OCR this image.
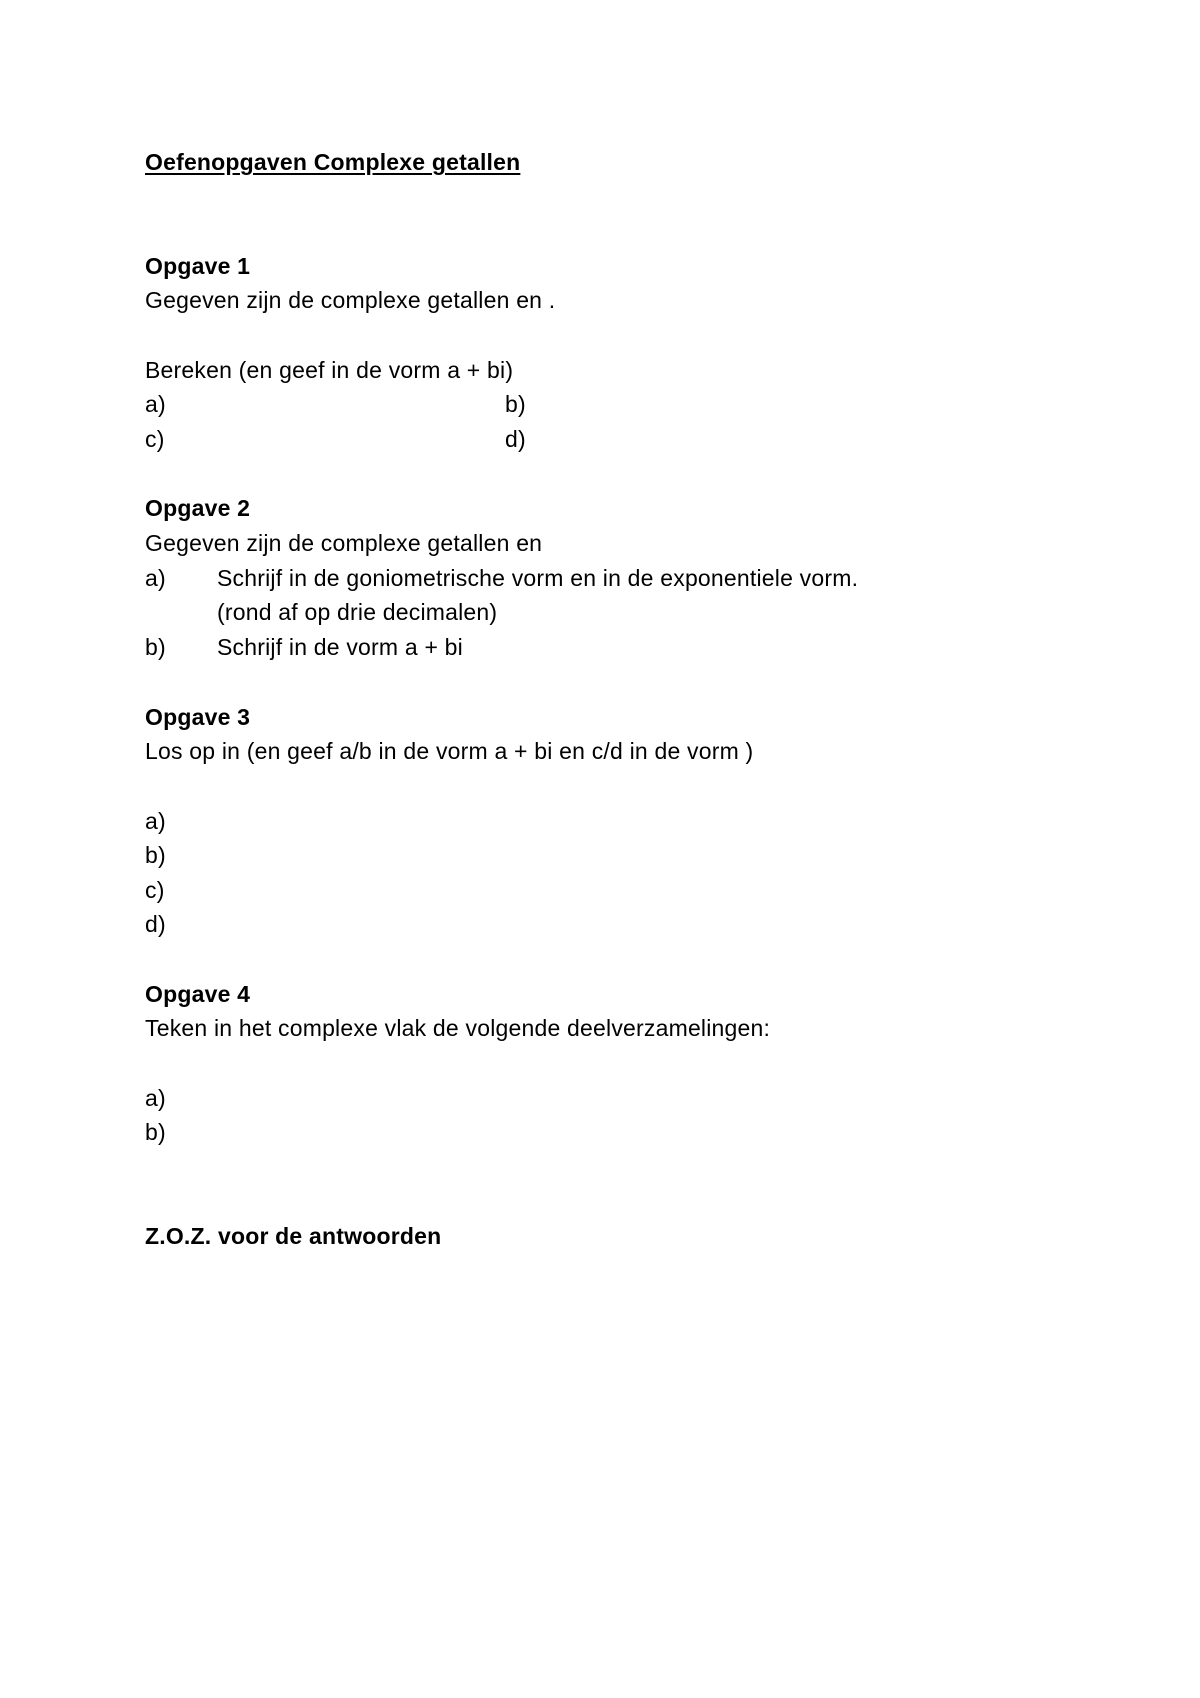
Oefenopgaven Complexe getallen
Opgave 1
Gegeven zijn de complexe getallen en .
Bereken (en geef in de vorm a + bi)
a)	b)
c)	d)
Opgave 2
Gegeven zijn de complexe getallen en
a) Schrijf in de goniometrische vorm en in de exponentiele vorm.
(rond af op drie decimalen)
b) Schrijf in de vorm a + bi
Opgave 3
Los op in (en geef a/b in de vorm a + bi en c/d in de vorm )
a)
b)
c)
d)
Opgave 4
Teken in het complexe vlak de volgende deelverzamelingen:
a)
b)
Z.O.Z. voor de antwoorden
